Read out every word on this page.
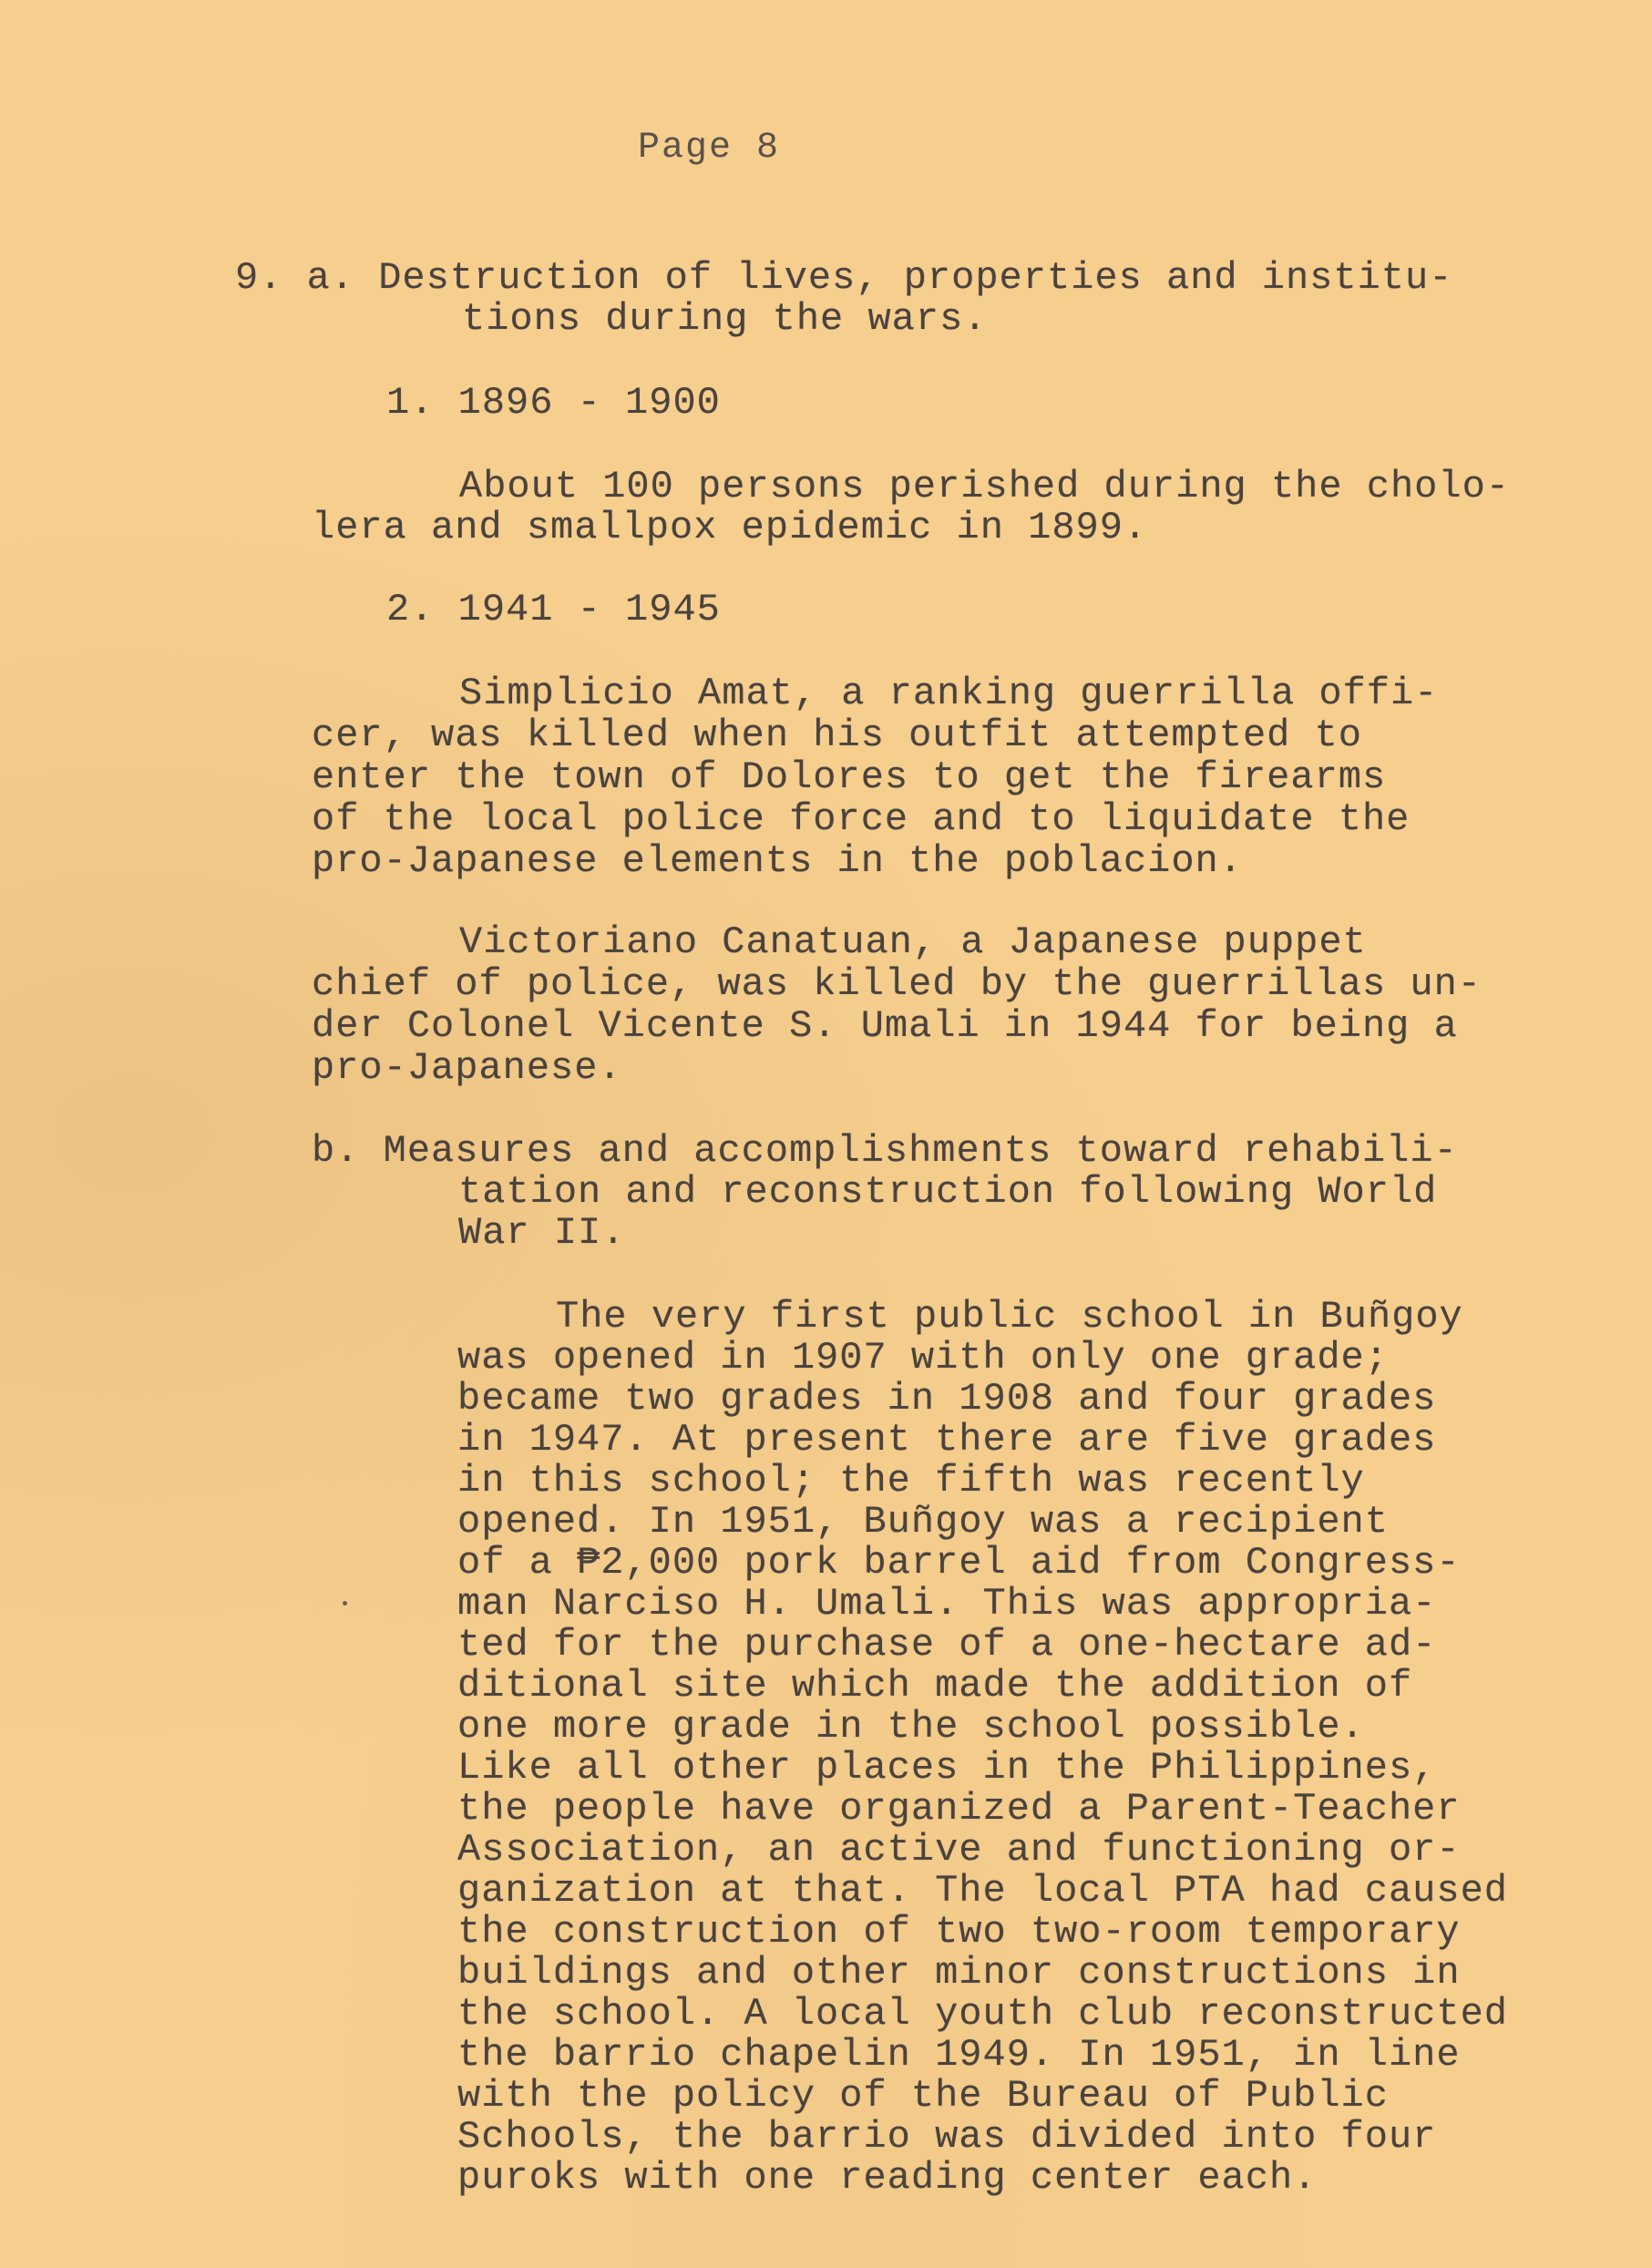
Page 8
9. a. Destruction of lives, properties and institu-
tions during the wars.
1. 1896 - 1900
About 100 persons perished during the cholo-
lera and smallpox epidemic in 1899.
2. 1941 - 1945
Simplicio Amat, a ranking guerrilla offi-
cer, was killed when his outfit attempted to
enter the town of Dolores to get the firearms
of the local police force and to liquidate the
pro-Japanese elements in the poblacion.
Victoriano Canatuan, a Japanese puppet
chief of police, was killed by the guerrillas un-
der Colonel Vicente S. Umali in 1944 for being a
pro-Japanese.
b. Measures and accomplishments toward rehabili-
tation and reconstruction following World
War II.
The very first public school in Buñgoy
was opened in 1907 with only one grade;
became two grades in 1908 and four grades
in 1947. At present there are five grades
in this school; the fifth was recently
opened. In 1951, Buñgoy was a recipient
of a ₱2,000 pork barrel aid from Congress-
man Narciso H. Umali. This was appropria-
ted for the purchase of a one-hectare ad-
ditional site which made the addition of
one more grade in the school possible.
Like all other places in the Philippines,
the people have organized a Parent-Teacher
Association, an active and functioning or-
ganization at that. The local PTA had caused
the construction of two two-room temporary
buildings and other minor constructions in
the school. A local youth club reconstructed
the barrio chapelin 1949. In 1951, in line
with the policy of the Bureau of Public
Schools, the barrio was divided into four
puroks with one reading center each.
